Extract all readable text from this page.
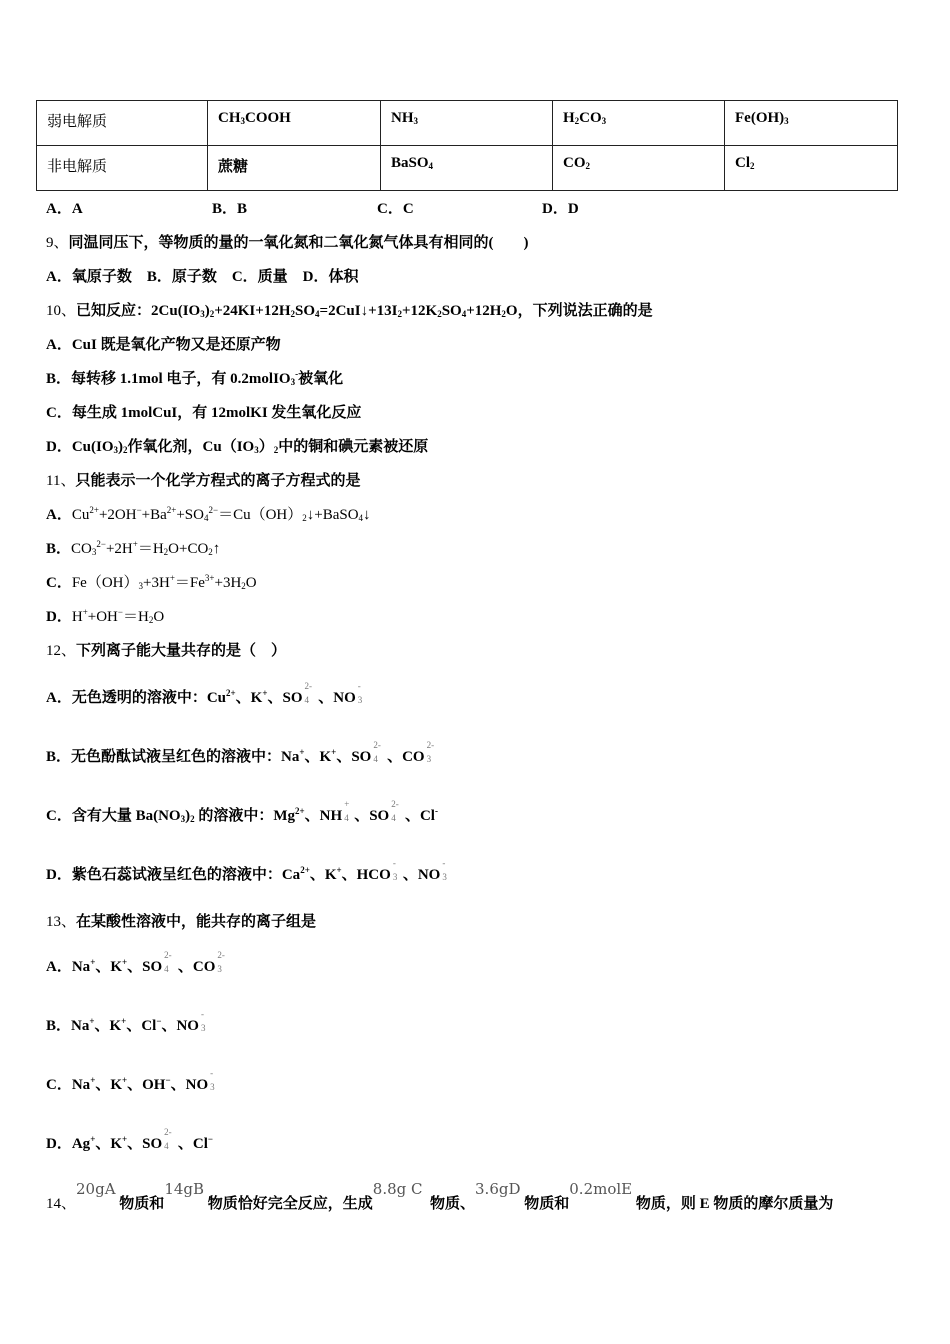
弱电解质	$CH_3COOH$	$NH_3$	$H_2CO_3$	$Fe(OH)_3$
非电解质	蔗糖	BaSO$_4$	$CO_2$	$Cl_2$
A．A	B．B	C．C	D．D
9、同温同压下，等物质的量的一氧化氮和二氧化氮气体具有相同的(　　)
A．氧原子数　B．原子数　C．质量　D．体积
10、已知反应：$2Cu(IO_3)_2+24KI+12H_2SO_4=2CuI↓+13I_2+12K_2SO_4+12H_2O$，下列说法正确的是
A．CuI 既是氧化产物又是还原产物
B．每转移 1.1mol 电子，有 0.2molIO$_3$-被氧化
C．每生成 1molCuI，有 12molKI 发生氧化反应
D．$Cu(IO_3)_2$作氧化剂，$Cu(IO_3)_2$中的铜和碘元素被还原
11、只能表示一个化学方程式的离子方程式的是
A．$Cu^{2+}+2OH^-+Ba^{2+}+SO_4^{2-}=Cu(OH)_2↓+BaSO_4↓$
B．$CO_3^{2-}+2H^+=H_2O+CO_2↑$
C．$Fe(OH)_3+3H^+=Fe^{3+}+3H_2O$
D．$H^++OH^-=H_2O$
12、下列离子能大量共存的是（　）
A．无色透明的溶液中：$Cu^{2+}$、K+、SO
2-
4 、NO
-
3
B．无色酚酞试液呈红色的溶液中：Na+、K+、SO
2-
4 、CO
2-
3
C．含有大量 $Ba(NO_3)_2$ 的溶液中：$Mg^{2+}$、NH
+
4 、SO
2-
4 、Cl-
D．紫色石蕊试液呈红色的溶液中：$Ca^{2+}$、K+、HCO
-
3 、NO
-
3
13、在某酸性溶液中，能共存的离子组是
A．Na+、K+、SO
2-
4 、CO
2-
3
B．Na+、K+、Cl−、NO
-
3
C．Na+、K+、OH−、NO
-
3
D．Ag+、K+、SO
2-
4 、Cl−
14、20gA 物质和14gB 物质恰好完全反应，生成8.8g C  物质、3.6gD 物质和0.2molE 物质，则 E 物质的摩尔质量为
